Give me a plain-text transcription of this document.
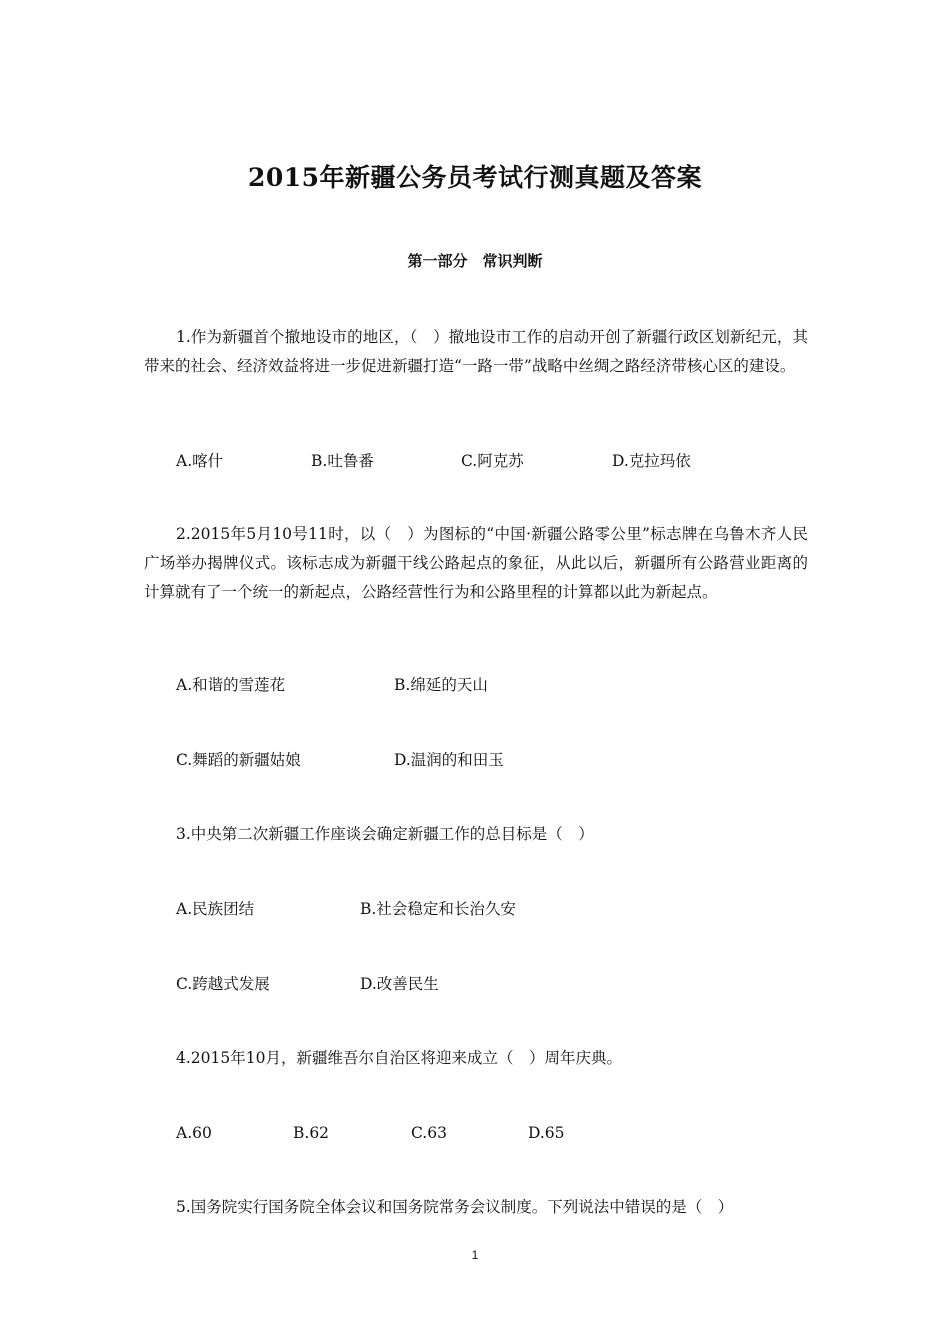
2015年新疆公务员考试行测真题及答案
第一部分　常识判断

1.作为新疆首个撤地设市的地区，（　）撤地设市工作的启动开创了新疆行政区划新纪元，其带来的社会、经济效益将进一步促进新疆打造“一路一带”战略中丝绸之路经济带核心区的建设。

A.喀什	B.吐鲁番	C.阿克苏	D.克拉玛依

2.2015年5月10号11时，以（　）为图标的“中国·新疆公路零公里”标志牌在乌鲁木齐人民广场举办揭牌仪式。该标志成为新疆干线公路起点的象征，从此以后，新疆所有公路营业距离的计算就有了一个统一的新起点，公路经营性行为和公路里程的计算都以此为新起点。

A.和谐的雪莲花	B.绵延的天山
C.舞蹈的新疆姑娘	D.温润的和田玉
3.中央第二次新疆工作座谈会确定新疆工作的总目标是（　）
A.民族团结	B.社会稳定和长治久安
C.跨越式发展	D.改善民生
4.2015年10月，新疆维吾尔自治区将迎来成立（　）周年庆典。
A.60	B.62	C.63	D.65
5.国务院实行国务院全体会议和国务院常务会议制度。下列说法中错误的是（　）
1
